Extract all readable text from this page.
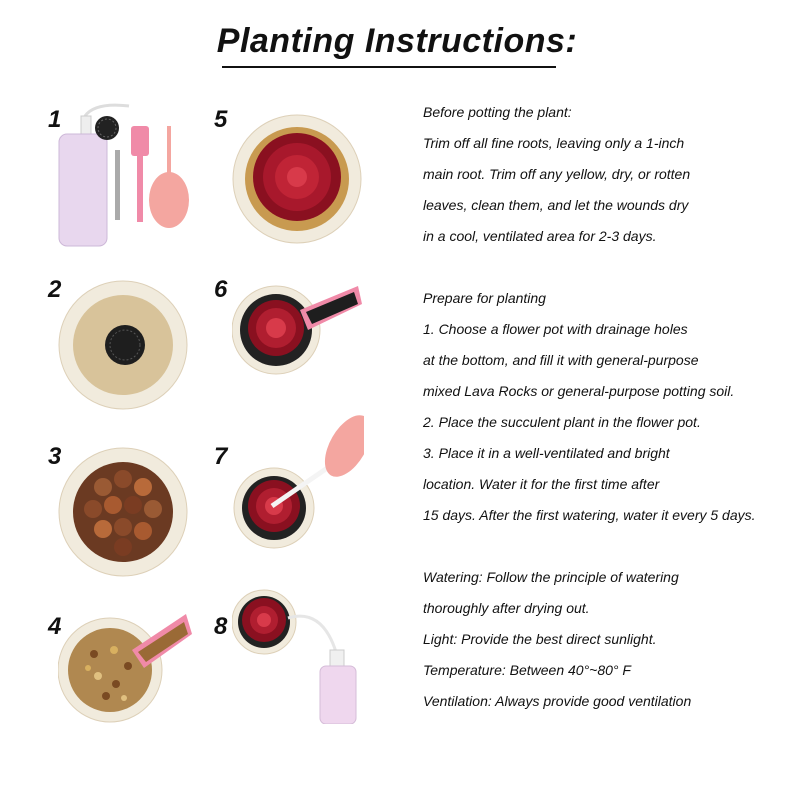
Planting Instructions:
1
2
3
4
5
6
7
8
Before potting the plant:
Trim off all fine roots, leaving only a 1-inch
main root. Trim off any yellow, dry, or rotten
leaves, clean them, and let the wounds dry
in a cool, ventilated area for 2-3 days.
Prepare for planting
1. Choose a flower pot with drainage holes
at the bottom, and fill it with general-purpose
mixed Lava Rocks or general-purpose potting soil.
2. Place the succulent plant in the flower pot.
3. Place it in a well-ventilated and bright
location. Water it for the first time after
15 days. After the first watering, water it every 5 days.
Watering: Follow the principle of watering
thoroughly after drying out.
Light: Provide the best direct sunlight.
Temperature: Between 40°~80° F
Ventilation: Always provide good ventilation
